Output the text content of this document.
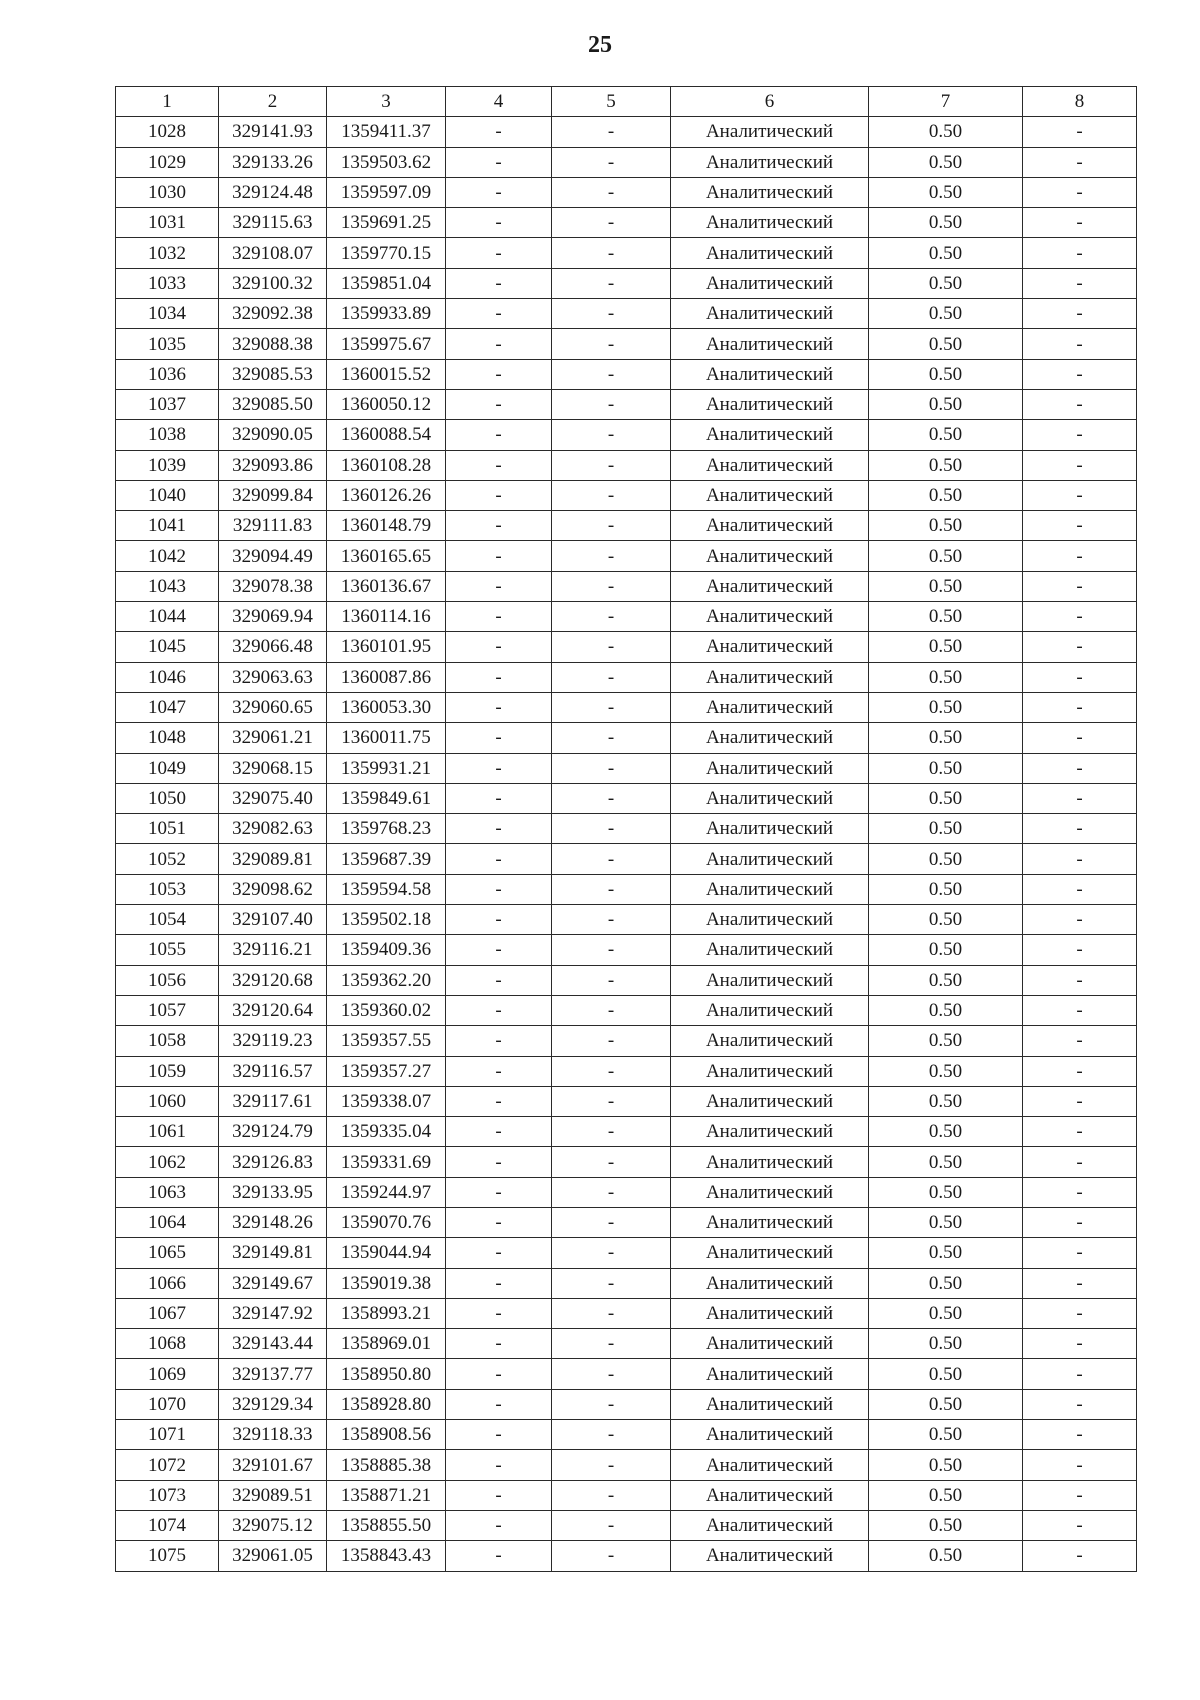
25
1	2	3	4	5	6	7	8
1028	329141.93	1359411.37	-	-	Аналитический	0.50	-
1029	329133.26	1359503.62	-	-	Аналитический	0.50	-
1030	329124.48	1359597.09	-	-	Аналитический	0.50	-
1031	329115.63	1359691.25	-	-	Аналитический	0.50	-
1032	329108.07	1359770.15	-	-	Аналитический	0.50	-
1033	329100.32	1359851.04	-	-	Аналитический	0.50	-
1034	329092.38	1359933.89	-	-	Аналитический	0.50	-
1035	329088.38	1359975.67	-	-	Аналитический	0.50	-
1036	329085.53	1360015.52	-	-	Аналитический	0.50	-
1037	329085.50	1360050.12	-	-	Аналитический	0.50	-
1038	329090.05	1360088.54	-	-	Аналитический	0.50	-
1039	329093.86	1360108.28	-	-	Аналитический	0.50	-
1040	329099.84	1360126.26	-	-	Аналитический	0.50	-
1041	329111.83	1360148.79	-	-	Аналитический	0.50	-
1042	329094.49	1360165.65	-	-	Аналитический	0.50	-
1043	329078.38	1360136.67	-	-	Аналитический	0.50	-
1044	329069.94	1360114.16	-	-	Аналитический	0.50	-
1045	329066.48	1360101.95	-	-	Аналитический	0.50	-
1046	329063.63	1360087.86	-	-	Аналитический	0.50	-
1047	329060.65	1360053.30	-	-	Аналитический	0.50	-
1048	329061.21	1360011.75	-	-	Аналитический	0.50	-
1049	329068.15	1359931.21	-	-	Аналитический	0.50	-
1050	329075.40	1359849.61	-	-	Аналитический	0.50	-
1051	329082.63	1359768.23	-	-	Аналитический	0.50	-
1052	329089.81	1359687.39	-	-	Аналитический	0.50	-
1053	329098.62	1359594.58	-	-	Аналитический	0.50	-
1054	329107.40	1359502.18	-	-	Аналитический	0.50	-
1055	329116.21	1359409.36	-	-	Аналитический	0.50	-
1056	329120.68	1359362.20	-	-	Аналитический	0.50	-
1057	329120.64	1359360.02	-	-	Аналитический	0.50	-
1058	329119.23	1359357.55	-	-	Аналитический	0.50	-
1059	329116.57	1359357.27	-	-	Аналитический	0.50	-
1060	329117.61	1359338.07	-	-	Аналитический	0.50	-
1061	329124.79	1359335.04	-	-	Аналитический	0.50	-
1062	329126.83	1359331.69	-	-	Аналитический	0.50	-
1063	329133.95	1359244.97	-	-	Аналитический	0.50	-
1064	329148.26	1359070.76	-	-	Аналитический	0.50	-
1065	329149.81	1359044.94	-	-	Аналитический	0.50	-
1066	329149.67	1359019.38	-	-	Аналитический	0.50	-
1067	329147.92	1358993.21	-	-	Аналитический	0.50	-
1068	329143.44	1358969.01	-	-	Аналитический	0.50	-
1069	329137.77	1358950.80	-	-	Аналитический	0.50	-
1070	329129.34	1358928.80	-	-	Аналитический	0.50	-
1071	329118.33	1358908.56	-	-	Аналитический	0.50	-
1072	329101.67	1358885.38	-	-	Аналитический	0.50	-
1073	329089.51	1358871.21	-	-	Аналитический	0.50	-
1074	329075.12	1358855.50	-	-	Аналитический	0.50	-
1075	329061.05	1358843.43	-	-	Аналитический	0.50	-
